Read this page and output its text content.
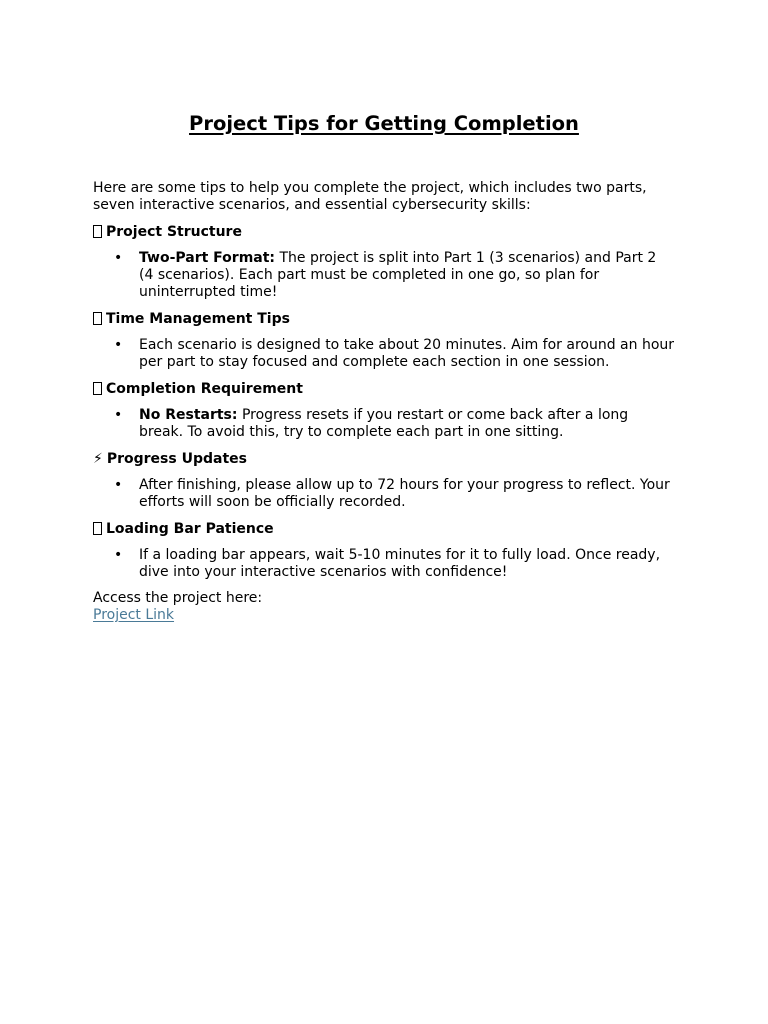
Project Tips for Getting Completion

Here are some tips to help you complete the project, which includes two parts, seven interactive scenarios, and essential cybersecurity skills:

Project Structure
• Two-Part Format: The project is split into Part 1 (3 scenarios) and Part 2 (4 scenarios). Each part must be completed in one go, so plan for uninterrupted time!
Time Management Tips
• Each scenario is designed to take about 20 minutes. Aim for around an hour per part to stay focused and complete each section in one session.
Completion Requirement
• No Restarts: Progress resets if you restart or come back after a long break. To avoid this, try to complete each part in one sitting.
⚡ Progress Updates
• After finishing, please allow up to 72 hours for your progress to reflect. Your efforts will soon be officially recorded.
Loading Bar Patience
• If a loading bar appears, wait 5-10 minutes for it to fully load. Once ready, dive into your interactive scenarios with confidence!

Access the project here:
Project Link
